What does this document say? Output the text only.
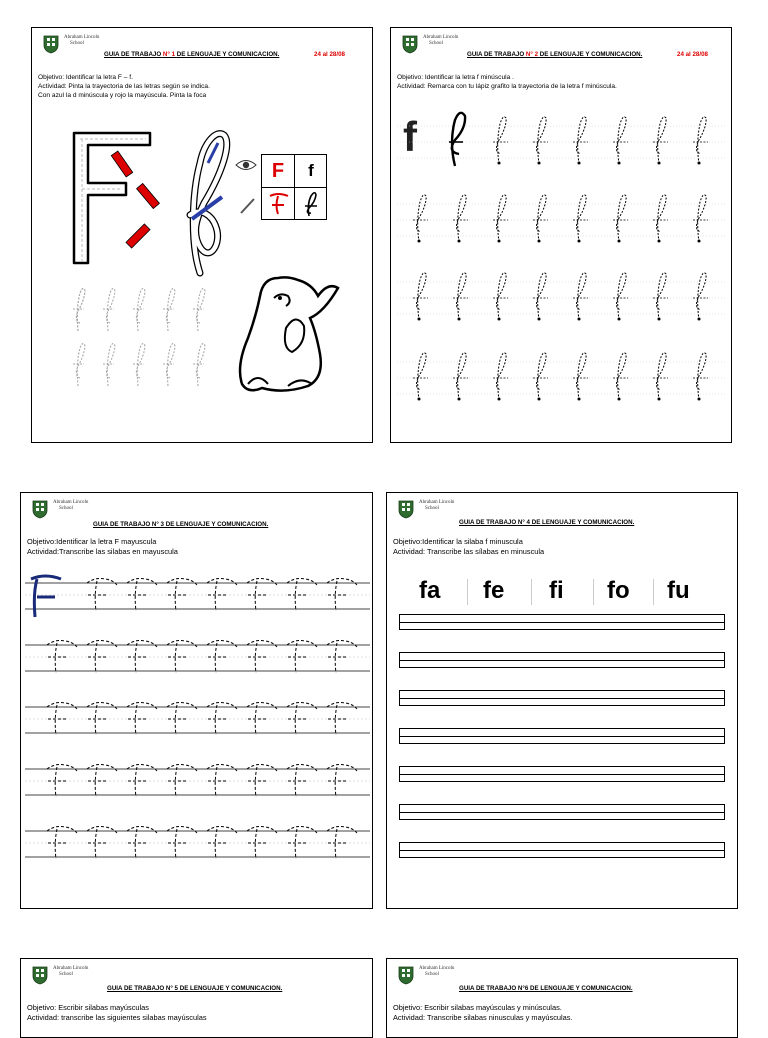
Abraham Lincoln
School
GUIA DE TRABAJO N° 1 DE LENGUAJE Y COMUNICACION.	24 al 28/08
Objetivo: Identificar la letra F – f.
Actividad: Pinta la trayectoria de las letras según se indica.
Con azul la d minúscula y rojo la mayúscula. Pinta la foca
F	f
Abraham Lincoln
School
GUIA DE TRABAJO N° 2 DE LENGUAJE Y COMUNICACION.	24 al 28/08
Objetivo: Identificar la letra f minúscula .
Actividad: Remarca con tu lápiz grafito la trayectoria de la letra f minúscula.
f
Abraham Lincoln
School
GUIA DE TRABAJO N° 3 DE LENGUAJE Y COMUNICACION.
Objetivo:Identificar la letra F mayuscula
Actividad:Transcribe las silabas en mayuscula
Abraham Lincoln
School
GUIA DE TRABAJO N° 4 DE LENGUAJE Y COMUNICACION.
Objetivo:Identificar la silaba f minuscula
Actividad: Transcribe las sílabas en minuscula
fa fe fi fo fu
Abraham Lincoln
School
GUIA DE TRABAJO N° 5 DE LENGUAJE Y COMUNICACION.
Objetivo: Escribir silabas mayúsculas
Actividad: transcribe las siguientes silabas mayúsculas
Abraham Lincoln
School
GUIA DE TRABAJO N°6 DE LENGUAJE Y COMUNICACION.
Objetivo: Escribir silabas mayúsculas y minúsculas.
Actividad: Transcribe silabas ninusculas y mayúsculas.
